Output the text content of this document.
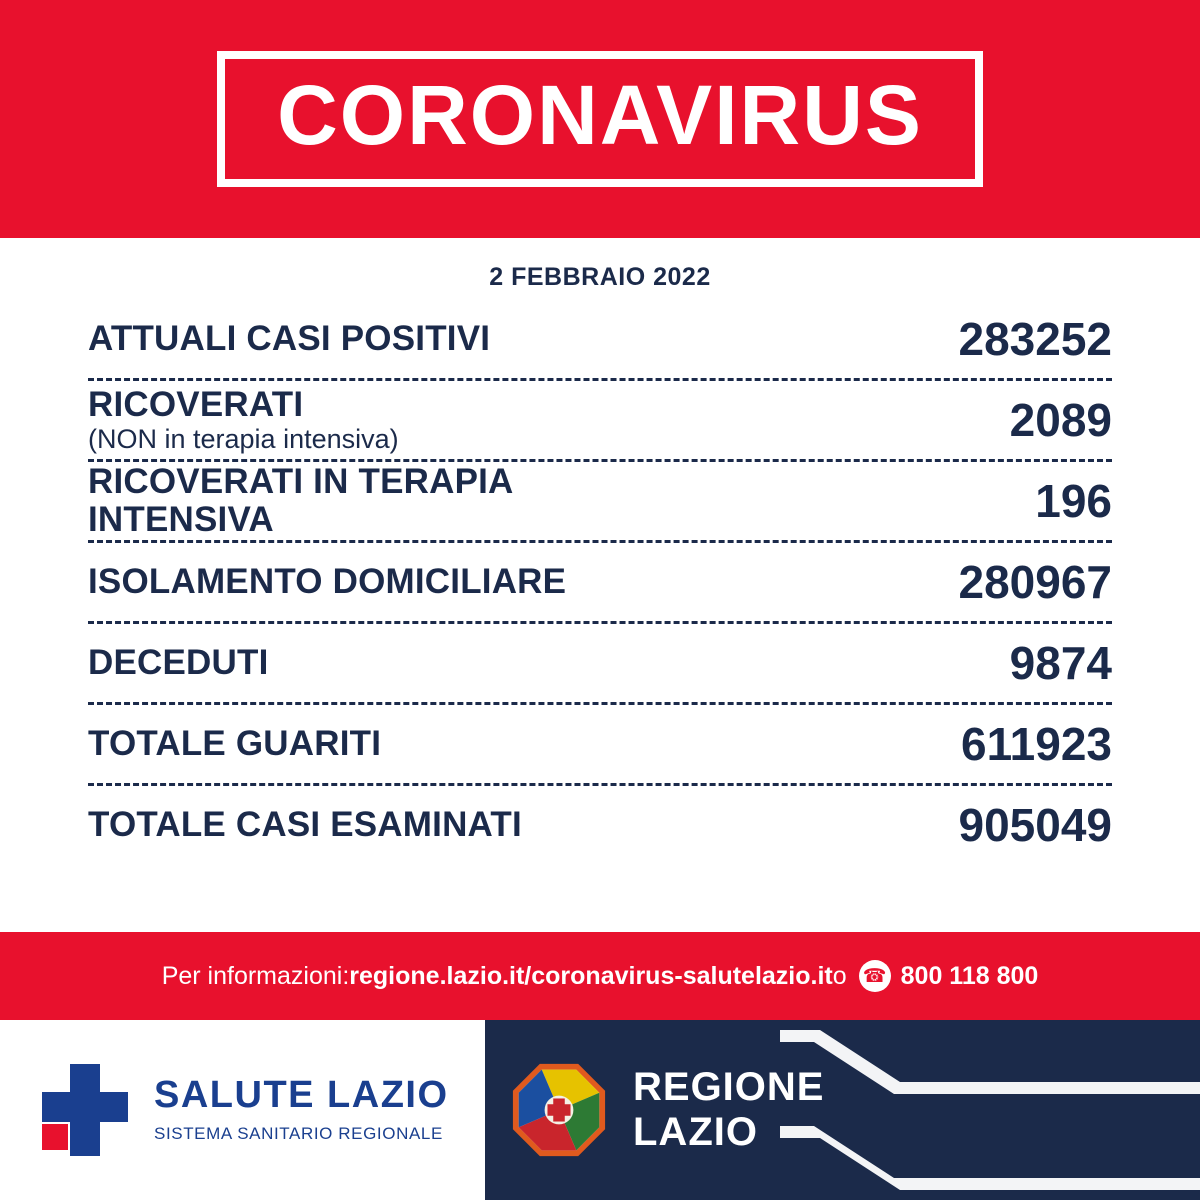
CORONAVIRUS
2 FEBBRAIO 2022
ATTUALI CASI POSITIVI	283252
RICOVERATI
(NON in terapia intensiva)	2089
RICOVERATI IN TERAPIA INTENSIVA	196
ISOLAMENTO DOMICILIARE	280967
DECEDUTI	9874
TOTALE GUARITI	611923
TOTALE CASI ESAMINATI	905049
Per informazioni: regione.lazio.it/coronavirus - salutelazio.it o ☎ 800 118 800
SALUTE LAZIO
SISTEMA SANITARIO REGIONALE
REGIONE
LAZIO
